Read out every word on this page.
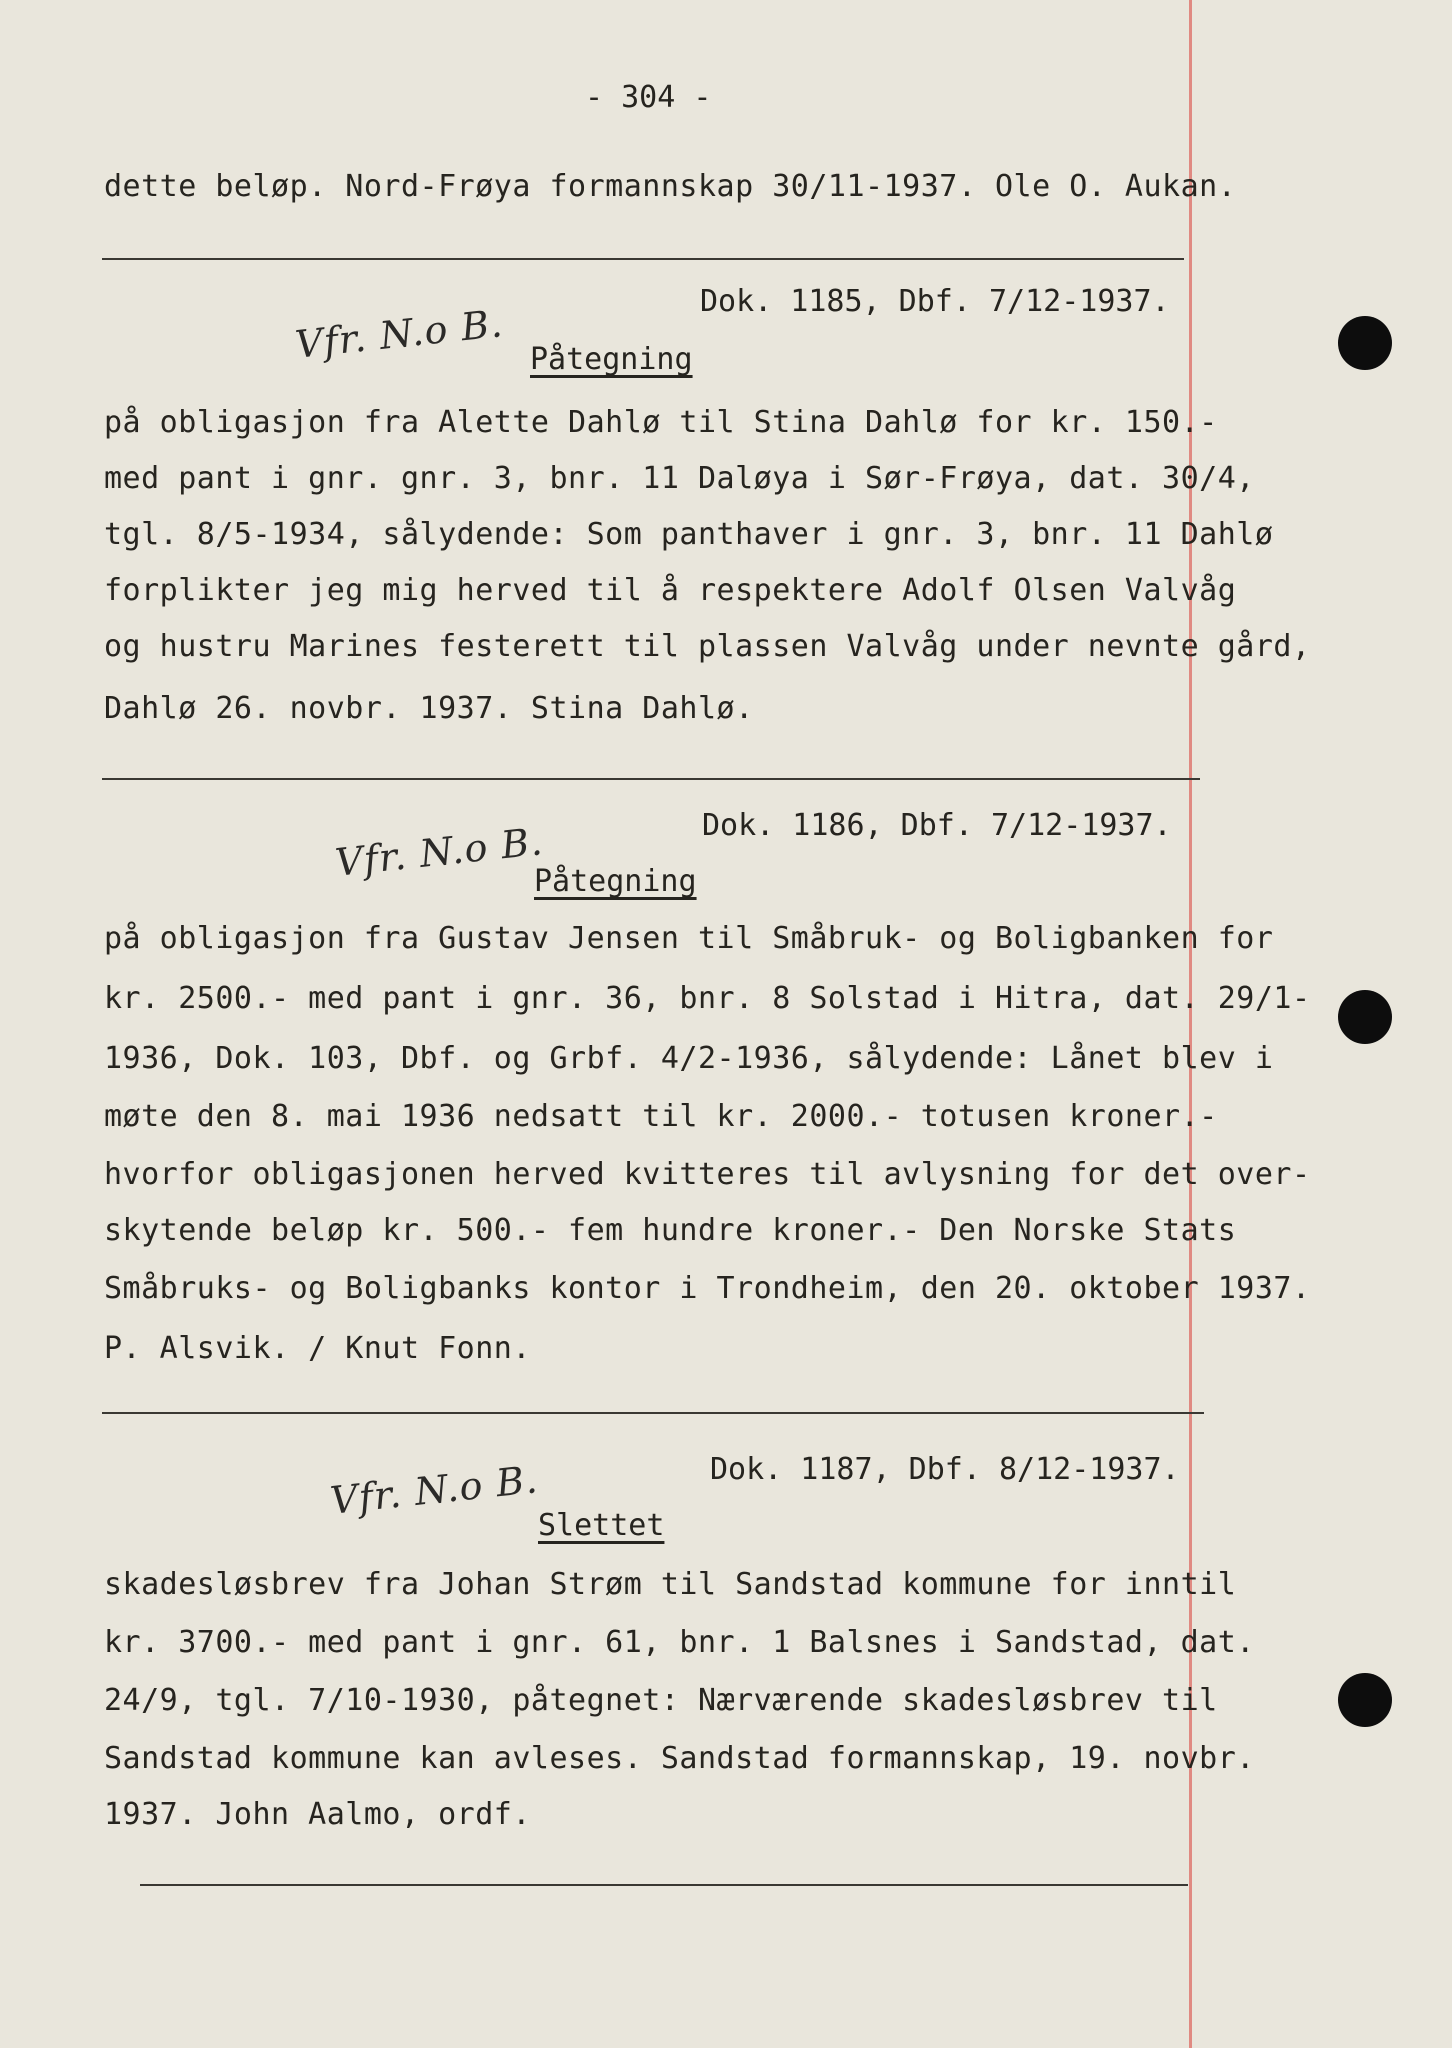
- 304 -
dette beløp. Nord-Frøya formannskap 30/11-1937. Ole O. Aukan.
Vfr. N.o B.	Dok. 1185, Dbf. 7/12-1937.
Påtegning
på obligasjon fra Alette Dahlø til Stina Dahlø for kr. 150.-
med pant i gnr. gnr. 3, bnr. 11 Daløya i Sør-Frøya, dat. 30/4,
tgl. 8/5-1934, sålydende: Som panthaver i gnr. 3, bnr. 11 Dahlø
forplikter jeg mig herved til å respektere Adolf Olsen Valvåg
og hustru Marines festerett til plassen Valvåg under nevnte gård,
Dahlø 26. novbr. 1937. Stina Dahlø.
Vfr. N.o B.	Dok. 1186, Dbf. 7/12-1937.
Påtegning
på obligasjon fra Gustav Jensen til Småbruk- og Boligbanken for
kr. 2500.- med pant i gnr. 36, bnr. 8 Solstad i Hitra, dat. 29/1-
1936, Dok. 103, Dbf. og Grbf. 4/2-1936, sålydende: Lånet blev i
møte den 8. mai 1936 nedsatt til kr. 2000.- totusen kroner.-
hvorfor obligasjonen herved kvitteres til avlysning for det over-
skytende beløp kr. 500.- fem hundre kroner.- Den Norske Stats
Småbruks- og Boligbanks kontor i Trondheim, den 20. oktober 1937.
P. Alsvik. / Knut Fonn.
Vfr. N.o B.	Dok. 1187, Dbf. 8/12-1937.
Slettet
skadesløsbrev fra Johan Strøm til Sandstad kommune for inntil
kr. 3700.- med pant i gnr. 61, bnr. 1 Balsnes i Sandstad, dat.
24/9, tgl. 7/10-1930, påtegnet: Nærværende skadesløsbrev til
Sandstad kommune kan avleses. Sandstad formannskap, 19. novbr.
1937. John Aalmo, ordf.
